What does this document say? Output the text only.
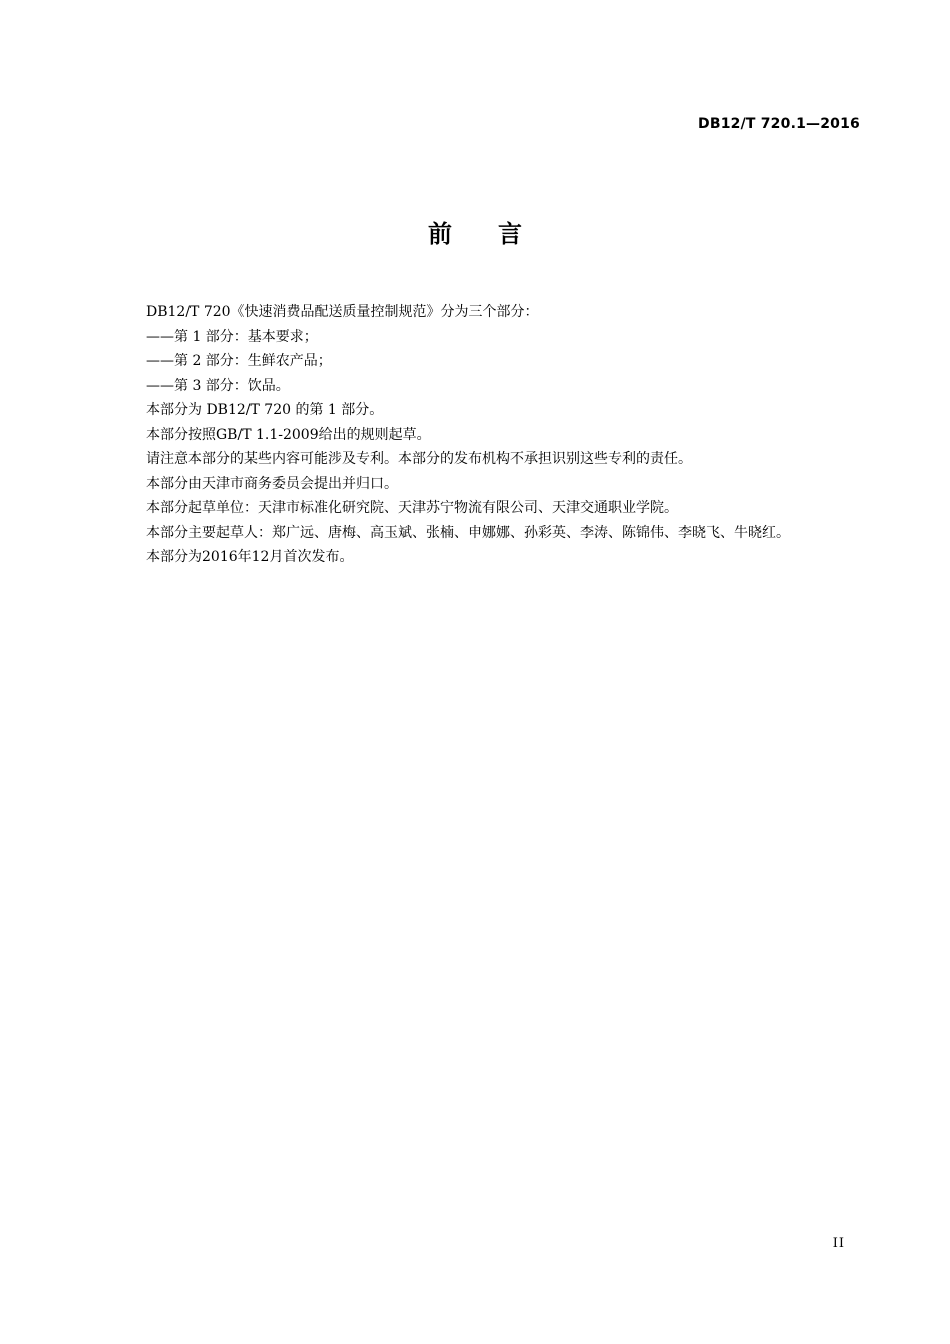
DB12/T 720.1—2016
前 言

DB12/T 720《快速消费品配送质量控制规范》分为三个部分：

——第 1 部分：基本要求；

——第 2 部分：生鲜农产品；

——第 3 部分：饮品。

本部分为 DB12/T 720 的第 1 部分。

本部分按照GB/T 1.1-2009给出的规则起草。

请注意本部分的某些内容可能涉及专利。本部分的发布机构不承担识别这些专利的责任。

本部分由天津市商务委员会提出并归口。

本部分起草单位：天津市标准化研究院、天津苏宁物流有限公司、天津交通职业学院。

本部分主要起草人：郑广远、唐梅、高玉斌、张楠、申娜娜、孙彩英、李涛、陈锦伟、李晓飞、牛晓红。

本部分为2016年12月首次发布。

II
